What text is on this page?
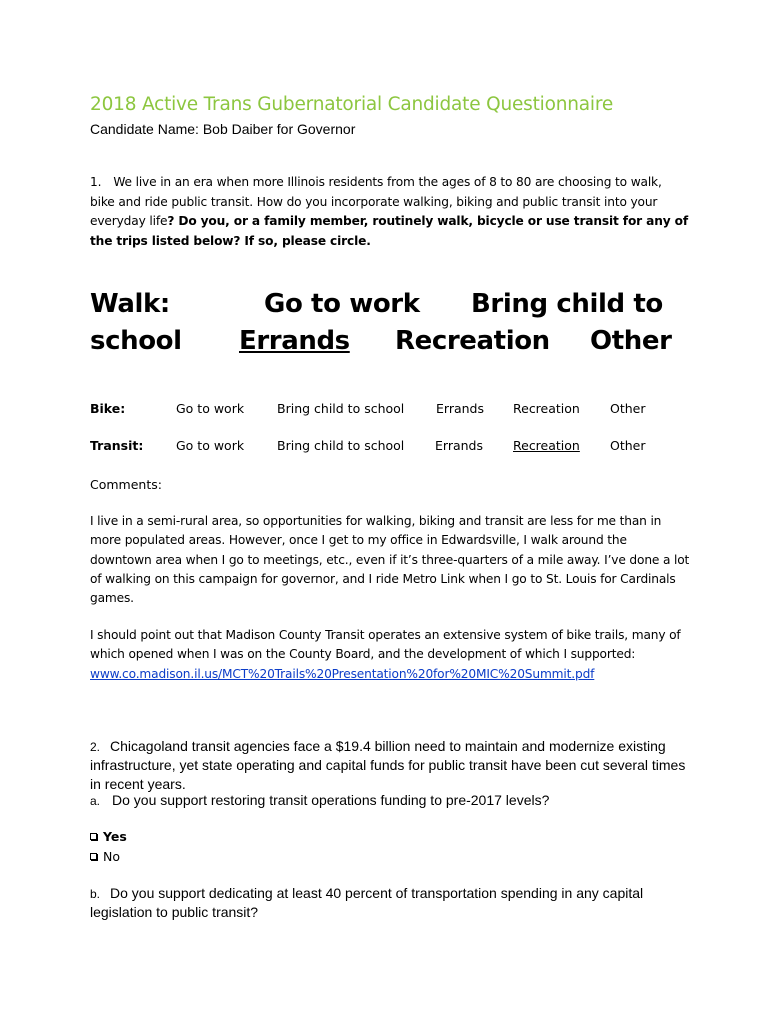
2018 Active Trans Gubernatorial Candidate Questionnaire
Candidate Name: Bob Daiber for Governor
1. We live in an era when more Illinois residents from the ages of 8 to 80 are choosing to walk, bike and ride public transit. How do you incorporate walking, biking and public transit into your everyday life? Do you, or a family member, routinely walk, bicycle or use transit for any of the trips listed below? If so, please circle.
Walk:	Go to work Bring child to
school Errands Recreation Other
Bike:	Go to work	Bring child to school	Errands Recreation Other
Transit:	Go to work	Bring child to school Errands Recreation Other
Comments:
I live in a semi-rural area, so opportunities for walking, biking and transit are less for me than in more populated areas. However, once I get to my office in Edwardsville, I walk around the downtown area when I go to meetings, etc., even if it’s three-quarters of a mile away. I’ve done a lot of walking on this campaign for governor, and I ride Metro Link when I go to St. Louis for Cardinals games.
I should point out that Madison County Transit operates an extensive system of bike trails, many of which opened when I was on the County Board, and the development of which I supported:
www.co.madison.il.us/MCT%20Trails%20Presentation%20for%20MIC%20Summit.pdf
2. Chicagoland transit agencies face a $19.4 billion need to maintain and modernize existing infrastructure, yet state operating and capital funds for public transit have been cut several times in recent years.
a. Do you support restoring transit operations funding to pre-2017 levels?
Yes
No
b. Do you support dedicating at least 40 percent of transportation spending in any capital legislation to public transit?
